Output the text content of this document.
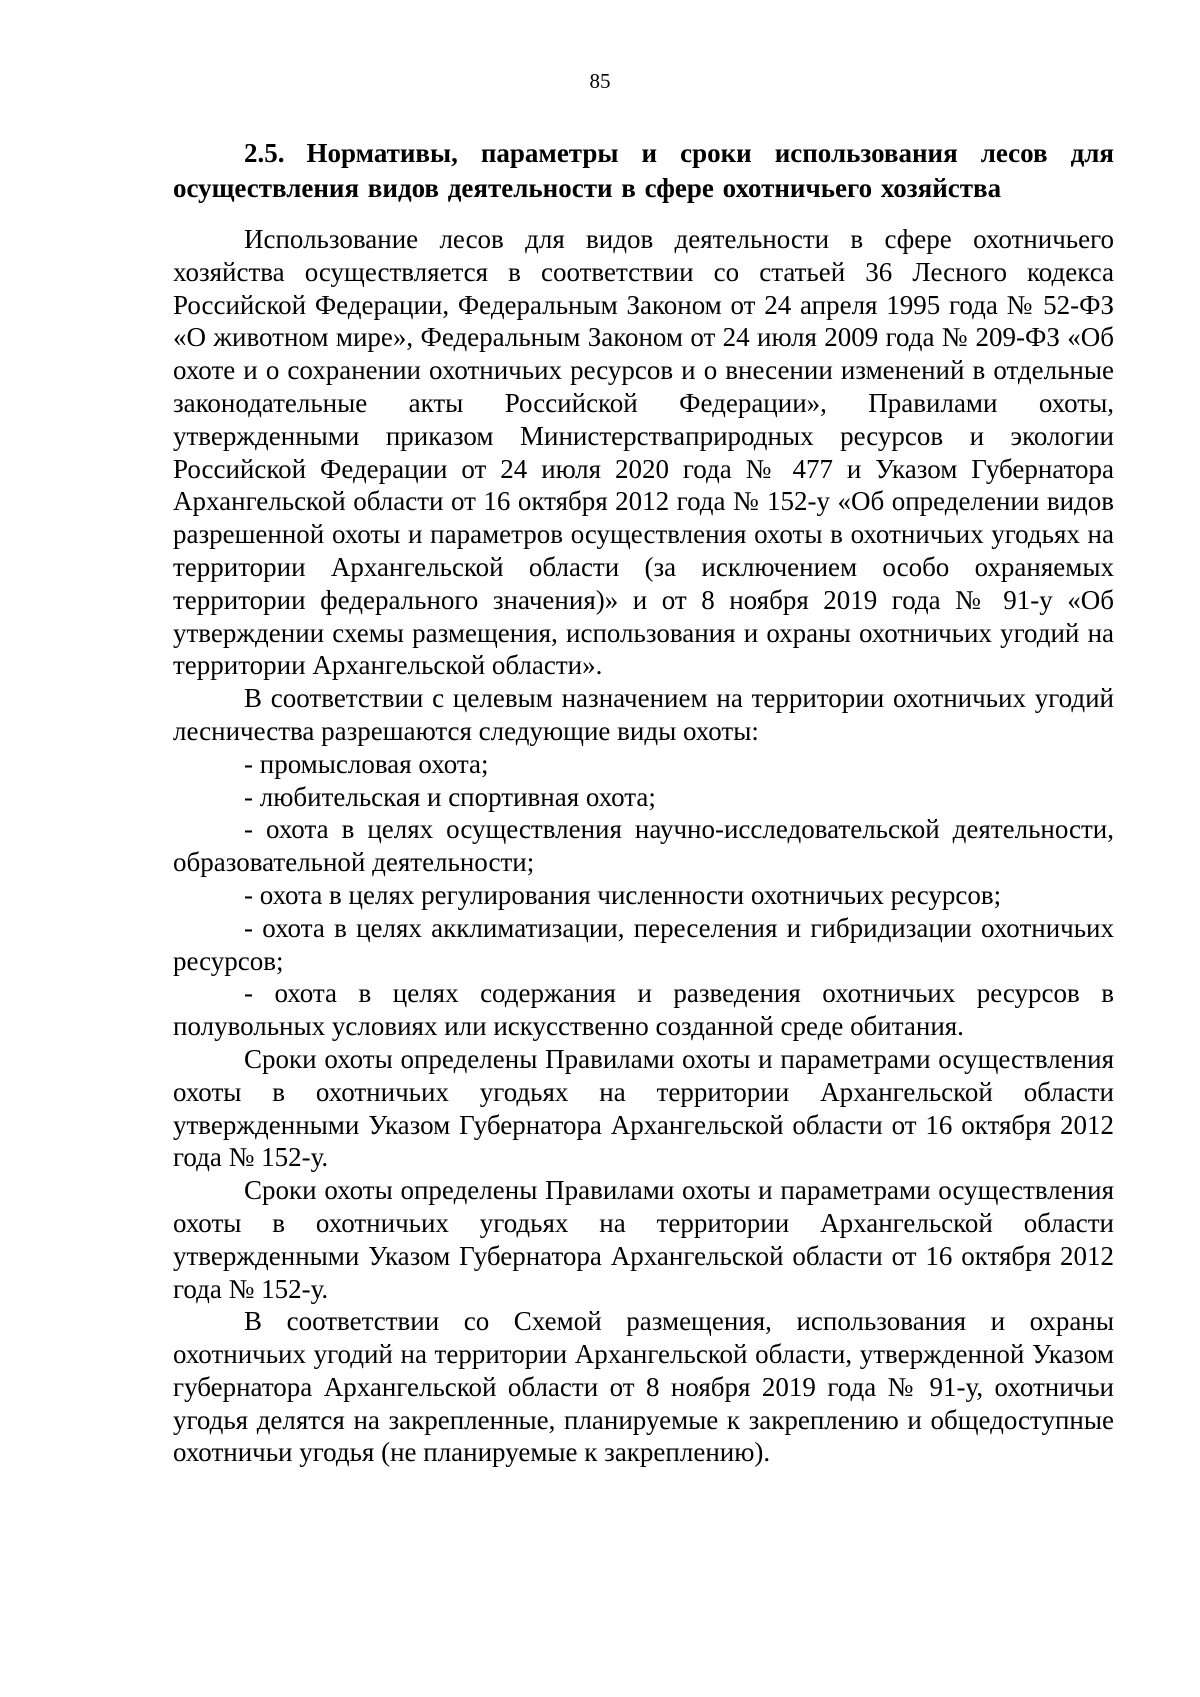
85
2.5. Нормативы, параметры и сроки использования лесов для осуществления видов деятельности в сфере охотничьего хозяйства

Использование лесов для видов деятельности в сфере охотничьего хозяйства осуществляется в соответствии со статьей 36 Лесного кодекса Российской Федерации, Федеральным Законом от 24 апреля 1995 года № 52-ФЗ «О животном мире», Федеральным Законом от 24 июля 2009 года № 209-ФЗ «Об охоте и о сохранении охотничьих ресурсов и о внесении изменений в отдельные законодательные акты Российской Федерации», Правилами охоты, утвержденными приказом Министерствaприродных ресурсов и экологии Российской Федерации от 24 июля 2020 года № 477 и Указом Губернатора Архангельской области от 16 октября 2012 года № 152-у «Об определении видов разрешенной охоты и параметров осуществления охоты в охотничьих угодьях на территории Архангельской области (за исключением особо охраняемых территории федерального значения)» и от 8 ноября 2019 года № 91-у «Об утверждении схемы размещения, использования и охраны охотничьих угодий на территории Архангельской области».

В соответствии с целевым назначением на территории охотничьих угодий лесничества разрешаются следующие виды охоты:

- промысловая охота;

- любительская и спортивная охота;

- охота в целях осуществления научно-исследовательской деятельности, образовательной деятельности;

- охота в целях регулирования численности охотничьих ресурсов;

- охота в целях акклиматизации, переселения и гибридизации охотничьих ресурсов;

- охота в целях содержания и разведения охотничьих ресурсов в полувольных условиях или искусственно созданной среде обитания.

Сроки охоты определены Правилами охоты и параметрами осуществления охоты в охотничьих угодьях на территории Архангельской области утвержденными Указом Губернатора Архангельской области от 16 октября 2012 года № 152-у.

Сроки охоты определены Правилами охоты и параметрами осуществления охоты в охотничьих угодьях на территории Архангельской области утвержденными Указом Губернатора Архангельской области от 16 октября 2012 года № 152-у.

В соответствии со Схемой размещения, использования и охраны охотничьих угодий на территории Архангельской области, утвержденной Указом губернатора Архангельской области от 8 ноября 2019 года № 91-у, охотничьи угодья делятся на закрепленные, планируемые к закреплению и общедоступные охотничьи угодья (не планируемые к закреплению).
